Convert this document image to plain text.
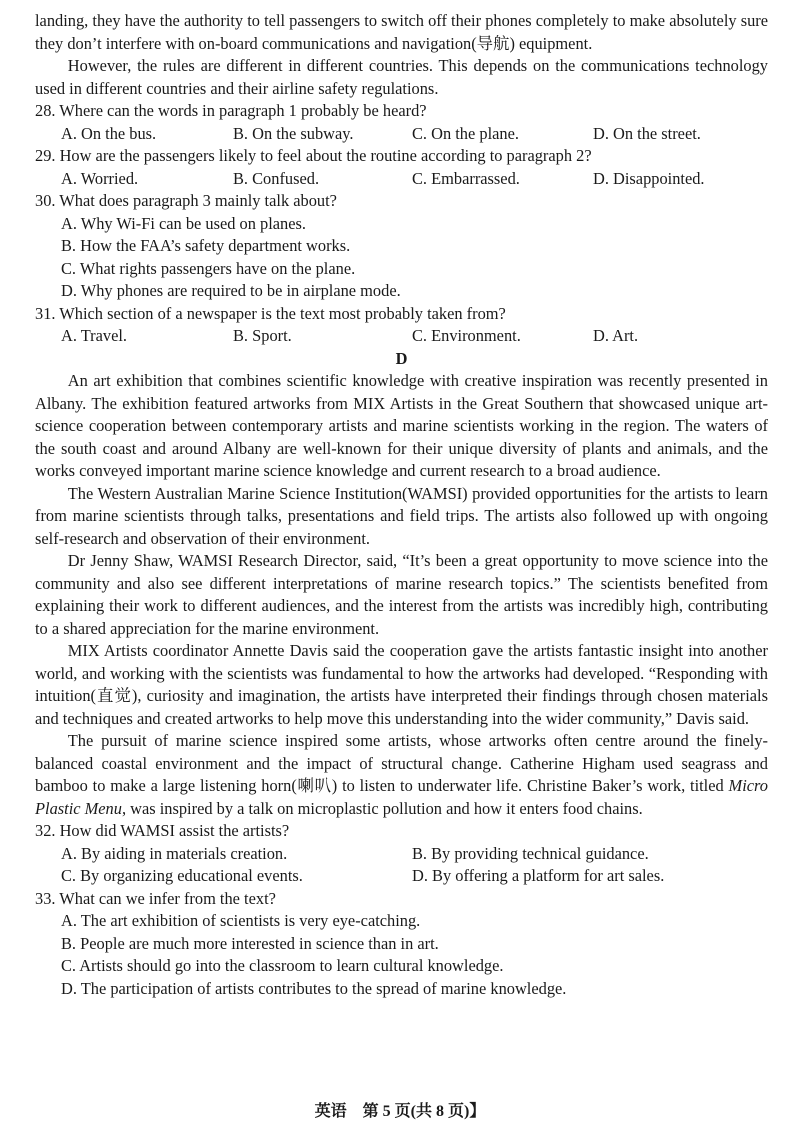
landing, they have the authority to tell passengers to switch off their phones completely to make absolutely sure they don’t interfere with on-board communications and navigation(导航) equipment.

However, the rules are different in different countries. This depends on the communications technology used in different countries and their airline safety regulations.

28. Where can the words in paragraph 1 probably be heard?

A. On the bus.	B. On the subway.	C. On the plane.	D. On the street.

29. How are the passengers likely to feel about the routine according to paragraph 2?

A. Worried.	B. Confused.	C. Embarrassed.	D. Disappointed.

30. What does paragraph 3 mainly talk about?

A. Why Wi-Fi can be used on planes.

B. How the FAA’s safety department works.

C. What rights passengers have on the plane.

D. Why phones are required to be in airplane mode.

31. Which section of a newspaper is the text most probably taken from?

A. Travel.	B. Sport.	C. Environment.	D. Art.
D

An art exhibition that combines scientific knowledge with creative inspiration was recently presented in Albany. The exhibition featured artworks from MIX Artists in the Great Southern that showcased unique art-science cooperation between contemporary artists and marine scientists working in the region. The waters of the south coast and around Albany are well-known for their unique diversity of plants and animals, and the works conveyed important marine science knowledge and current research to a broad audience.

The Western Australian Marine Science Institution(WAMSI) provided opportunities for the artists to learn from marine scientists through talks, presentations and field trips. The artists also followed up with ongoing self-research and observation of their environment.

Dr Jenny Shaw, WAMSI Research Director, said, “It’s been a great opportunity to move science into the community and also see different interpretations of marine research topics.” The scientists benefited from explaining their work to different audiences, and the interest from the artists was incredibly high, contributing to a shared appreciation for the marine environment.

MIX Artists coordinator Annette Davis said the cooperation gave the artists fantastic insight into another world, and working with the scientists was fundamental to how the artworks had developed. “Responding with intuition(直觉), curiosity and imagination, the artists have interpreted their findings through chosen materials and techniques and created artworks to help move this understanding into the wider community,” Davis said.

The pursuit of marine science inspired some artists, whose artworks often centre around the finely-balanced coastal environment and the impact of structural change. Catherine Higham used seagrass and bamboo to make a large listening horn(喇叭) to listen to underwater life. Christine Baker’s work, titled Micro Plastic Menu, was inspired by a talk on microplastic pollution and how it enters food chains.

32. How did WAMSI assist the artists?

A. By aiding in materials creation.	B. By providing technical guidance.
C. By organizing educational events.	D. By offering a platform for art sales.

33. What can we infer from the text?

A. The art exhibition of scientists is very eye-catching.

B. People are much more interested in science than in art.

C. Artists should go into the classroom to learn cultural knowledge.

D. The participation of artists contributes to the spread of marine knowledge.

英语　第 5 页(共 8 页)】
